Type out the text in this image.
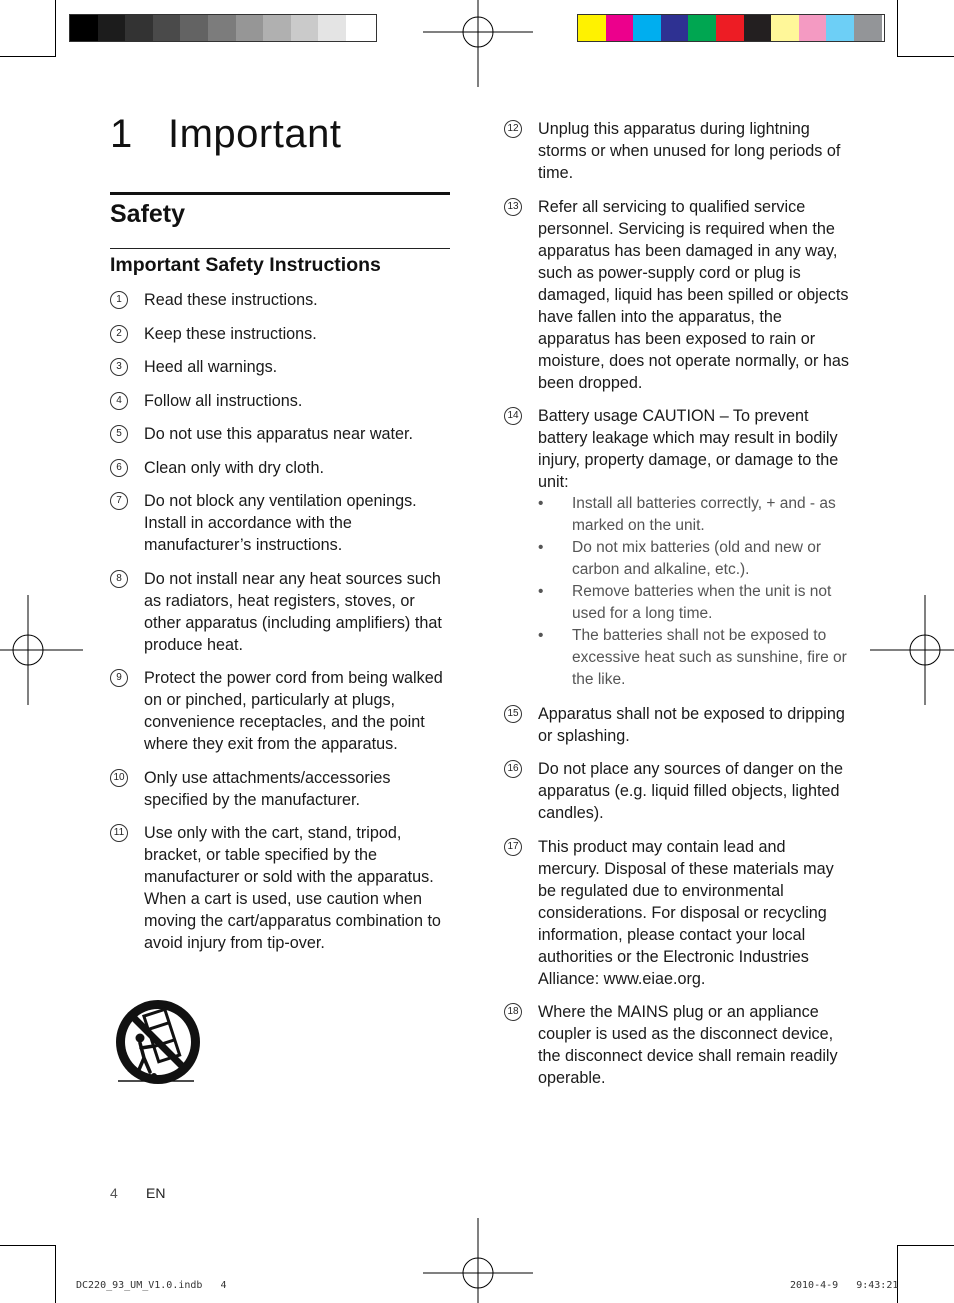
1 Important
Safety
Important Safety Instructions
1	Read these instructions.
2	Keep these instructions.
3	Heed all warnings.
4	Follow all instructions.
5	Do not use this apparatus near water.
6	Clean only with dry cloth.
7	Do not block any ventilation openings. Install in accordance with the manufacturer’s instructions.
8	Do not install near any heat sources such as radiators, heat registers, stoves, or other apparatus (including amplifiers) that produce heat.
9	Protect the power cord from being walked on or pinched, particularly at plugs, convenience receptacles, and the point where they exit from the apparatus.
10 Only use attachments/accessories specified by the manufacturer.
11 Use only with the cart, stand, tripod, bracket, or table specified by the manufacturer or sold with the apparatus. When a cart is used, use caution when moving the cart/apparatus combination to avoid injury from tip-over.
12 Unplug this apparatus during lightning storms or when unused for long periods of time.
13 Refer all servicing to qualified service personnel. Servicing is required when the apparatus has been damaged in any way, such as power-supply cord or plug is damaged, liquid has been spilled or objects have fallen into the apparatus, the apparatus has been exposed to rain or moisture, does not operate normally, or has been dropped.
14 Battery usage CAUTION – To prevent battery leakage which may result in bodily injury, property damage, or damage to the unit:
• Install all batteries correctly, + and - as marked on the unit.
• Do not mix batteries (old and new or carbon and alkaline, etc.).
• Remove batteries when the unit is not used for a long time.
• The batteries shall not be exposed to excessive heat such as sunshine, fire or the like.
15 Apparatus shall not be exposed to dripping or splashing.
16 Do not place any sources of danger on the apparatus (e.g. liquid filled objects, lighted candles).
17 This product may contain lead and mercury. Disposal of these materials may be regulated due to environmental considerations. For disposal or recycling information, please contact your local authorities or the Electronic Industries Alliance: www.eiae.org.
18 Where the MAINS plug or an appliance coupler is used as the disconnect device, the disconnect device shall remain readily operable.
4 EN
DC220_93_UM_V1.0.indb   4	2010-4-9   9:43:21
